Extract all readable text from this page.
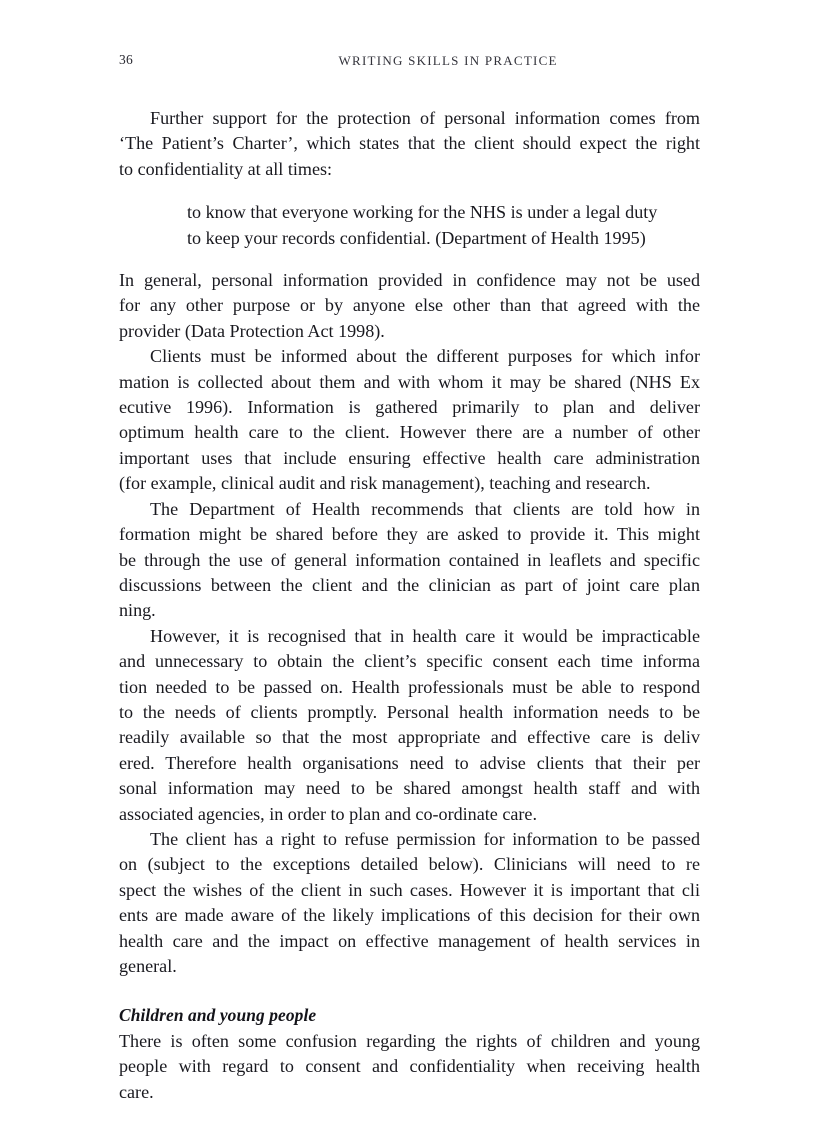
36	WRITING SKILLS IN PRACTICE

Further support for the protection of personal information comes from
‘The Patient’s Charter’, which states that the client should expect the right
to confidentiality at all times:

to know that everyone working for the NHS is under a legal duty
to keep your records confidential. (Department of Health 1995)

In general, personal information provided in confidence may not be used
for any other purpose or by anyone else other than that agreed with the
provider (Data Protection Act 1998).

Clients must be informed about the different purposes for which infor
mation is collected about them and with whom it may be shared (NHS Ex
ecutive 1996). Information is gathered primarily to plan and deliver
optimum health care to the client. However there are a number of other
important uses that include ensuring effective health care administration
(for example, clinical audit and risk management), teaching and research.

The Department of Health recommends that clients are told how in
formation might be shared before they are asked to provide it. This might
be through the use of general information contained in leaflets and specific
discussions between the client and the clinician as part of joint care plan
ning.

However, it is recognised that in health care it would be impracticable
and unnecessary to obtain the client’s specific consent each time informa
tion needed to be passed on. Health professionals must be able to respond
to the needs of clients promptly. Personal health information needs to be
readily available so that the most appropriate and effective care is deliv
ered. Therefore health organisations need to advise clients that their per
sonal information may need to be shared amongst health staff and with
associated agencies, in order to plan and co-ordinate care.

The client has a right to refuse permission for information to be passed
on (subject to the exceptions detailed below). Clinicians will need to re
spect the wishes of the client in such cases. However it is important that cli
ents are made aware of the likely implications of this decision for their own
health care and the impact on effective management of health services in
general.

Children and young people

There is often some confusion regarding the rights of children and young
people with regard to consent and confidentiality when receiving health
care.
